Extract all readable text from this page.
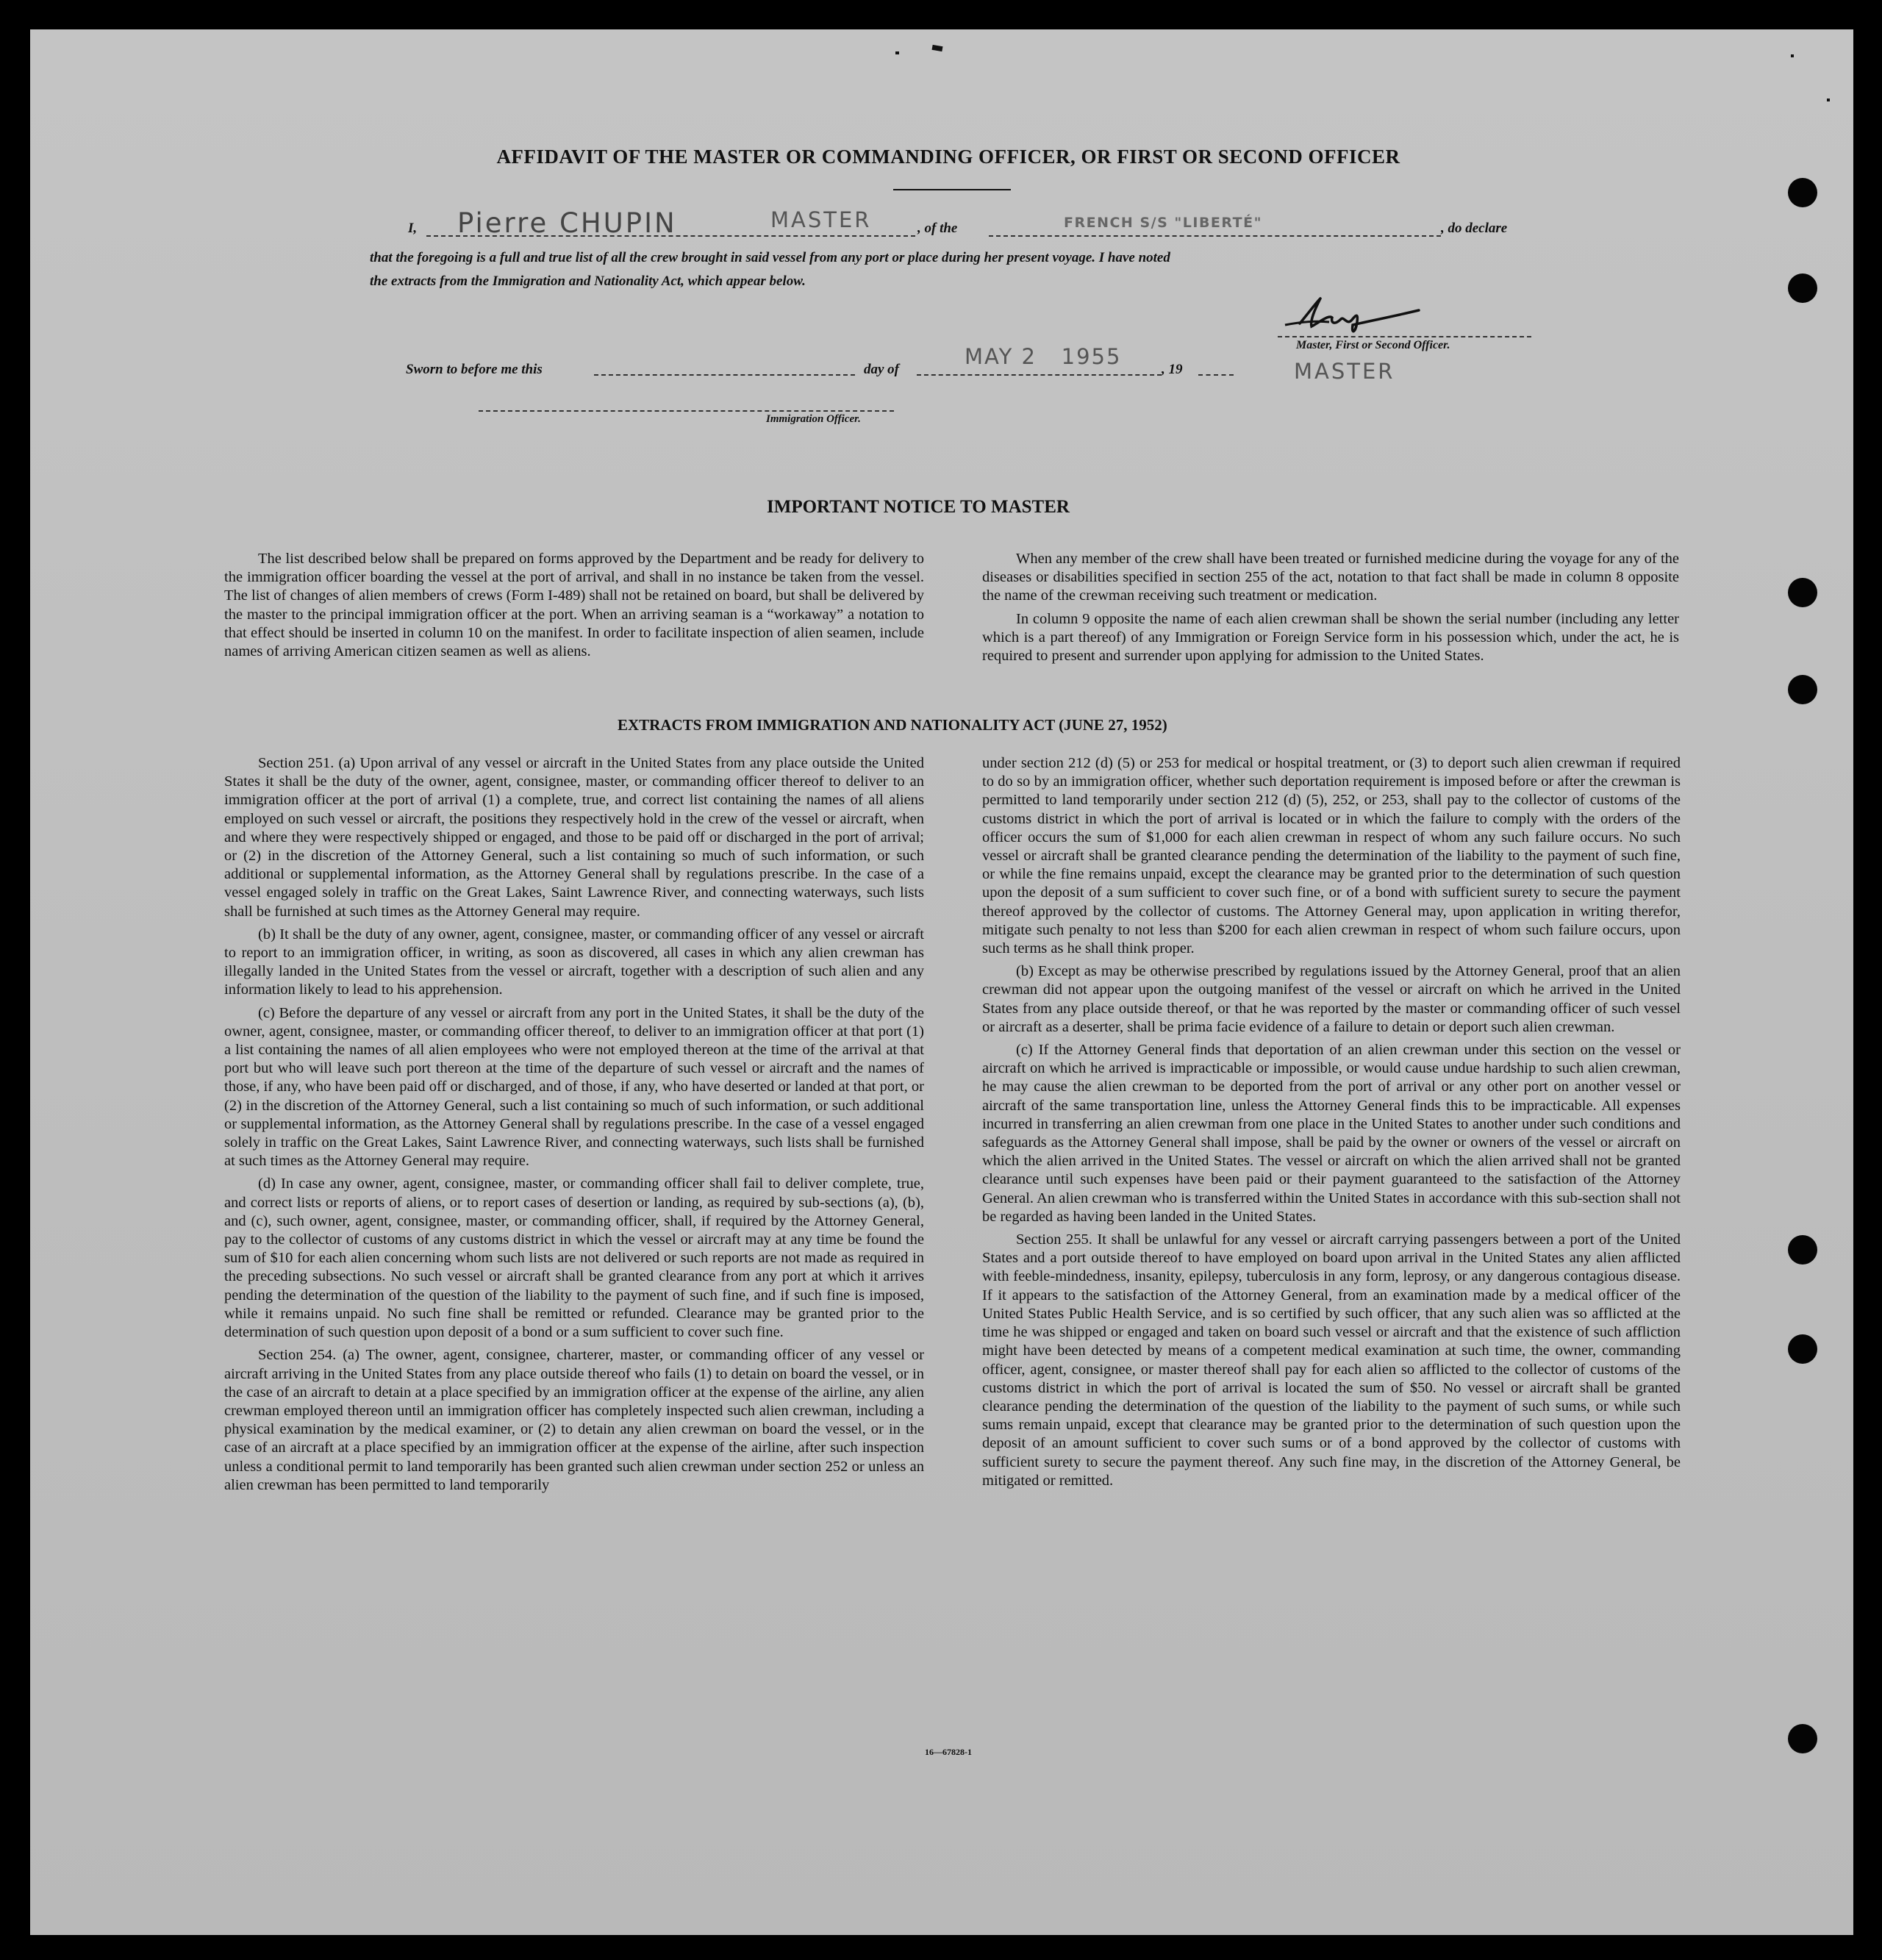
AFFIDAVIT OF THE MASTER OR COMMANDING OFFICER, OR FIRST OR SECOND OFFICER
I, Pierre CHUPIN	MASTER	, of the	FRENCH S/S "LIBERTÉ"	, do declare
that the foregoing is a full and true list of all the crew brought in said vessel from any port or place during her present voyage. I have noted
the extracts from the Immigration and Nationality Act, which appear below.
Master, First or Second Officer.
MASTER
Sworn to before me this	day of
MAY 2   1955
, 19
Immigration Officer.
IMPORTANT NOTICE TO MASTER

The list described below shall be prepared on forms approved by the Department and be ready for delivery to the immigration officer boarding the vessel at the port of arrival, and shall in no instance be taken from the vessel. The list of changes of alien members of crews (Form I-489) shall not be retained on board, but shall be delivered by the master to the principal immigration officer at the port. When an arriving seaman is a “workaway” a notation to that effect should be inserted in column 10 on the manifest. In order to facilitate inspection of alien seamen, include names of arriving American citizen seamen as well as aliens.

When any member of the crew shall have been treated or furnished medicine during the voyage for any of the diseases or disabilities specified in section 255 of the act, notation to that fact shall be made in column 8 opposite the name of the crewman receiving such treatment or medication.

In column 9 opposite the name of each alien crewman shall be shown the serial number (including any letter which is a part thereof) of any Immigration or Foreign Service form in his possession which, under the act, he is required to present and surrender upon applying for admission to the United States.

EXTRACTS FROM IMMIGRATION AND NATIONALITY ACT (JUNE 27, 1952)

Section 251. (a) Upon arrival of any vessel or aircraft in the United States from any place outside the United States it shall be the duty of the owner, agent, consignee, master, or commanding officer thereof to deliver to an immigration officer at the port of arrival (1) a complete, true, and correct list containing the names of all aliens employed on such vessel or aircraft, the positions they respectively hold in the crew of the vessel or aircraft, when and where they were respectively shipped or engaged, and those to be paid off or discharged in the port of arrival; or (2) in the discretion of the Attorney General, such a list containing so much of such information, or such additional or supplemental information, as the Attorney General shall by regulations prescribe. In the case of a vessel engaged solely in traffic on the Great Lakes, Saint Lawrence River, and connecting waterways, such lists shall be furnished at such times as the Attorney General may require.

(b) It shall be the duty of any owner, agent, consignee, master, or commanding officer of any vessel or aircraft to report to an immigration officer, in writing, as soon as discovered, all cases in which any alien crewman has illegally landed in the United States from the vessel or aircraft, together with a description of such alien and any information likely to lead to his apprehension.

(c) Before the departure of any vessel or aircraft from any port in the United States, it shall be the duty of the owner, agent, consignee, master, or commanding officer thereof, to deliver to an immigration officer at that port (1) a list containing the names of all alien employees who were not employed thereon at the time of the arrival at that port but who will leave such port thereon at the time of the departure of such vessel or aircraft and the names of those, if any, who have been paid off or discharged, and of those, if any, who have deserted or landed at that port, or (2) in the discretion of the Attorney General, such a list containing so much of such information, or such additional or supplemental information, as the Attorney General shall by regulations prescribe. In the case of a vessel engaged solely in traffic on the Great Lakes, Saint Lawrence River, and connecting waterways, such lists shall be furnished at such times as the Attorney General may require.

(d) In case any owner, agent, consignee, master, or commanding officer shall fail to deliver complete, true, and correct lists or reports of aliens, or to report cases of desertion or landing, as required by sub-sections (a), (b), and (c), such owner, agent, consignee, master, or commanding officer, shall, if required by the Attorney General, pay to the collector of customs of any customs district in which the vessel or aircraft may at any time be found the sum of $10 for each alien concerning whom such lists are not delivered or such reports are not made as required in the preceding subsections. No such vessel or aircraft shall be granted clearance from any port at which it arrives pending the determination of the question of the liability to the payment of such fine, and if such fine is imposed, while it remains unpaid. No such fine shall be remitted or refunded. Clearance may be granted prior to the determination of such question upon deposit of a bond or a sum sufficient to cover such fine.

Section 254. (a) The owner, agent, consignee, charterer, master, or commanding officer of any vessel or aircraft arriving in the United States from any place outside thereof who fails (1) to detain on board the vessel, or in the case of an aircraft to detain at a place specified by an immigration officer at the expense of the airline, any alien crewman employed thereon until an immigration officer has completely inspected such alien crewman, including a physical examination by the medical examiner, or (2) to detain any alien crewman on board the vessel, or in the case of an aircraft at a place specified by an immigration officer at the expense of the airline, after such inspection unless a conditional permit to land temporarily has been granted such alien crewman under section 252 or unless an alien crewman has been permitted to land temporarily

under section 212 (d) (5) or 253 for medical or hospital treatment, or (3) to deport such alien crewman if required to do so by an immigration officer, whether such deportation requirement is imposed before or after the crewman is permitted to land temporarily under section 212 (d) (5), 252, or 253, shall pay to the collector of customs of the customs district in which the port of arrival is located or in which the failure to comply with the orders of the officer occurs the sum of $1,000 for each alien crewman in respect of whom any such failure occurs. No such vessel or aircraft shall be granted clearance pending the determination of the liability to the payment of such fine, or while the fine remains unpaid, except the clearance may be granted prior to the determination of such question upon the deposit of a sum sufficient to cover such fine, or of a bond with sufficient surety to secure the payment thereof approved by the collector of customs. The Attorney General may, upon application in writing therefor, mitigate such penalty to not less than $200 for each alien crewman in respect of whom such failure occurs, upon such terms as he shall think proper.

(b) Except as may be otherwise prescribed by regulations issued by the Attorney General, proof that an alien crewman did not appear upon the outgoing manifest of the vessel or aircraft on which he arrived in the United States from any place outside thereof, or that he was reported by the master or commanding officer of such vessel or aircraft as a deserter, shall be prima facie evidence of a failure to detain or deport such alien crewman.

(c) If the Attorney General finds that deportation of an alien crewman under this section on the vessel or aircraft on which he arrived is impracticable or impossible, or would cause undue hardship to such alien crewman, he may cause the alien crewman to be deported from the port of arrival or any other port on another vessel or aircraft of the same transportation line, unless the Attorney General finds this to be impracticable. All expenses incurred in transferring an alien crewman from one place in the United States to another under such conditions and safeguards as the Attorney General shall impose, shall be paid by the owner or owners of the vessel or aircraft on which the alien arrived in the United States. The vessel or aircraft on which the alien arrived shall not be granted clearance until such expenses have been paid or their payment guaranteed to the satisfaction of the Attorney General. An alien crewman who is transferred within the United States in accordance with this sub-section shall not be regarded as having been landed in the United States.

Section 255. It shall be unlawful for any vessel or aircraft carrying passengers between a port of the United States and a port outside thereof to have employed on board upon arrival in the United States any alien afflicted with feeble-mindedness, insanity, epilepsy, tuberculosis in any form, leprosy, or any dangerous contagious disease. If it appears to the satisfaction of the Attorney General, from an examination made by a medical officer of the United States Public Health Service, and is so certified by such officer, that any such alien was so afflicted at the time he was shipped or engaged and taken on board such vessel or aircraft and that the existence of such affliction might have been detected by means of a competent medical examination at such time, the owner, commanding officer, agent, consignee, or master thereof shall pay for each alien so afflicted to the collector of customs of the customs district in which the port of arrival is located the sum of $50. No vessel or aircraft shall be granted clearance pending the determination of the question of the liability to the payment of such sums, or while such sums remain unpaid, except that clearance may be granted prior to the determination of such question upon the deposit of an amount sufficient to cover such sums or of a bond approved by the collector of customs with sufficient surety to secure the payment thereof. Any such fine may, in the discretion of the Attorney General, be mitigated or remitted.

16—67828-1
